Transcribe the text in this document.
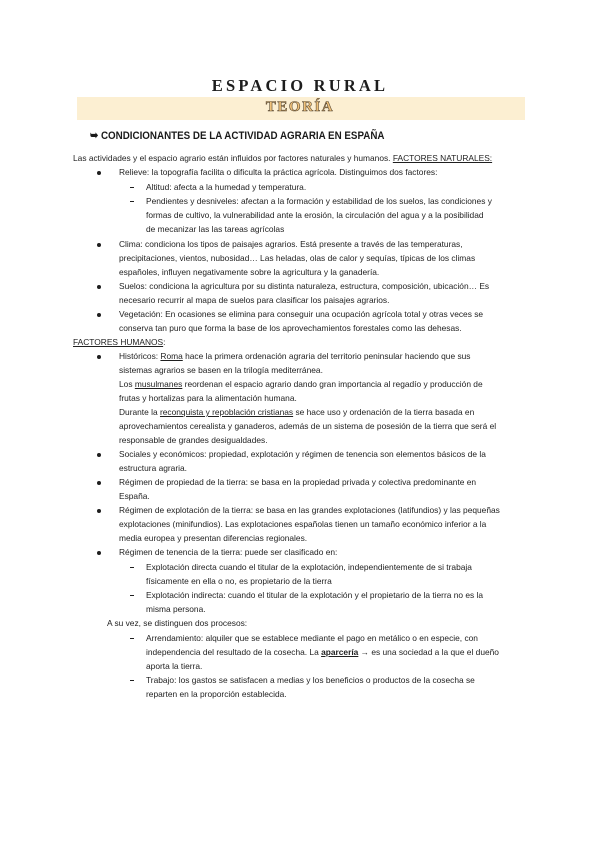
ESPACIO RURAL
TEORÍA
➥ CONDICIONANTES DE LA ACTIVIDAD AGRARIA EN ESPAÑA
Las actividades y el espacio agrario están influidos por factores naturales y humanos. FACTORES NATURALES:
Relieve: la topografía facilita o dificulta la práctica agrícola. Distinguimos dos factores:
Altitud: afecta a la humedad y temperatura.
Pendientes y desniveles: afectan a la formación y estabilidad de los suelos, las condiciones y
formas de cultivo, la vulnerabilidad ante la erosión, la circulación del agua y a la posibilidad
de mecanizar las las tareas agrícolas
Clima: condiciona los tipos de paisajes agrarios. Está presente a través de las temperaturas,
precipitaciones, vientos, nubosidad… Las heladas, olas de calor y sequías, típicas de los climas
españoles, influyen negativamente sobre la agricultura y la ganadería.
Suelos: condiciona la agricultura por su distinta naturaleza, estructura, composición, ubicación… Es
necesario recurrir al mapa de suelos para clasificar los paisajes agrarios.
Vegetación: En ocasiones se elimina para conseguir una ocupación agrícola total y otras veces se
conserva tan puro que forma la base de los aprovechamientos forestales como las dehesas.
FACTORES HUMANOS:
Históricos: Roma hace la primera ordenación agraria del territorio peninsular haciendo que sus
sistemas agrarios se basen en la trilogía mediterránea.
Los musulmanes reordenan el espacio agrario dando gran importancia al regadío y producción de
frutas y hortalizas para la alimentación humana.
Durante la reconquista y repoblación cristianas se hace uso y ordenación de la tierra basada en
aprovechamientos cerealista y ganaderos, además de un sistema de posesión de la tierra que será el
responsable de grandes desigualdades.
Sociales y económicos: propiedad, explotación y régimen de tenencia son elementos básicos de la
estructura agraria.
Régimen de propiedad de la tierra: se basa en la propiedad privada y colectiva predominante en
España.
Régimen de explotación de la tierra: se basa en las grandes explotaciones (latifundios) y las pequeñas
explotaciones (minifundios). Las explotaciones españolas tienen un tamaño económico inferior a la
media europea y presentan diferencias regionales.
Régimen de tenencia de la tierra: puede ser clasificado en:
Explotación directa cuando el titular de la explotación, independientemente de si trabaja
físicamente en ella o no, es propietario de la tierra
Explotación indirecta: cuando el titular de la explotación y el propietario de la tierra no es la
misma persona.
A su vez, se distinguen dos procesos:
Arrendamiento: alquiler que se establece mediante el pago en metálico o en especie, con
independencia del resultado de la cosecha. La aparcería → es una sociedad a la que el dueño
aporta la tierra.
Trabajo: los gastos se satisfacen a medias y los beneficios o productos de la cosecha se
reparten en la proporción establecida.
